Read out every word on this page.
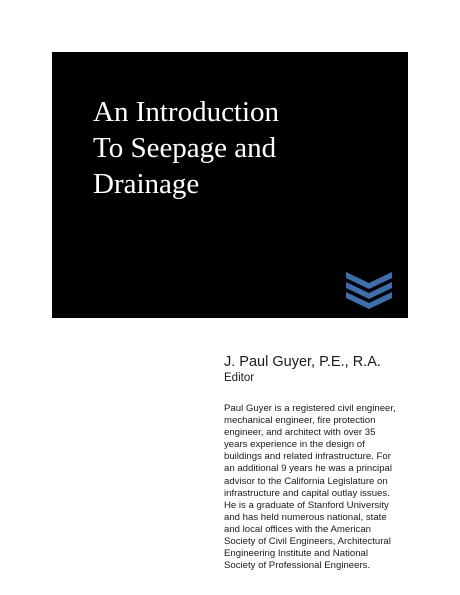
An Introduction
To Seepage and
Drainage
J. Paul Guyer, P.E., R.A.
Editor
Paul Guyer is a registered civil engineer,
mechanical engineer, fire protection
engineer, and architect with over 35
years experience in the design of
buildings and related infrastructure. For
an additional 9 years he was a principal
advisor to the California Legislature on
infrastructure and capital outlay issues.
He is a graduate of Stanford University
and has held numerous national, state
and local offices with the American
Society of Civil Engineers, Architectural
Engineering Institute and National
Society of Professional Engineers.
